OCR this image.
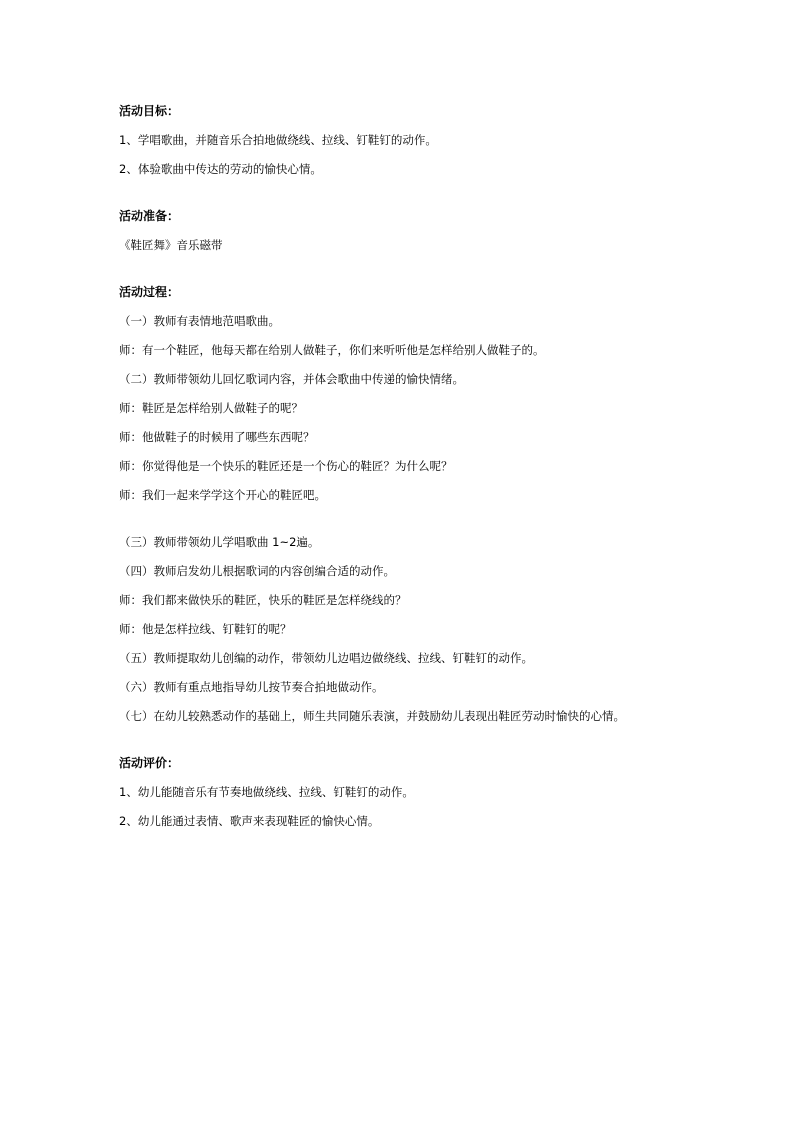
活动目标：
1、学唱歌曲，并随音乐合拍地做绕线、拉线、钉鞋钉的动作。
2、体验歌曲中传达的劳动的愉快心情。
活动准备：
《鞋匠舞》音乐磁带
活动过程：
（一）教师有表情地范唱歌曲。
师：有一个鞋匠，他每天都在给别人做鞋子，你们来听听他是怎样给别人做鞋子的。
（二）教师带领幼儿回忆歌词内容，并体会歌曲中传递的愉快情绪。
师：鞋匠是怎样给别人做鞋子的呢？
师：他做鞋子的时候用了哪些东西呢？
师：你觉得他是一个快乐的鞋匠还是一个伤心的鞋匠？为什么呢？
师：我们一起来学学这个开心的鞋匠吧。
（三）教师带领幼儿学唱歌曲 1~2遍。
（四）教师启发幼儿根据歌词的内容创编合适的动作。
师：我们都来做快乐的鞋匠，快乐的鞋匠是怎样绕线的？
师：他是怎样拉线、钉鞋钉的呢？
（五）教师提取幼儿创编的动作，带领幼儿边唱边做绕线、拉线、钉鞋钉的动作。
（六）教师有重点地指导幼儿按节奏合拍地做动作。
（七）在幼儿较熟悉动作的基础上，师生共同随乐表演，并鼓励幼儿表现出鞋匠劳动时愉快的心情。
活动评价：
1、幼儿能随音乐有节奏地做绕线、拉线、钉鞋钉的动作。
2、幼儿能通过表情、歌声来表现鞋匠的愉快心情。
